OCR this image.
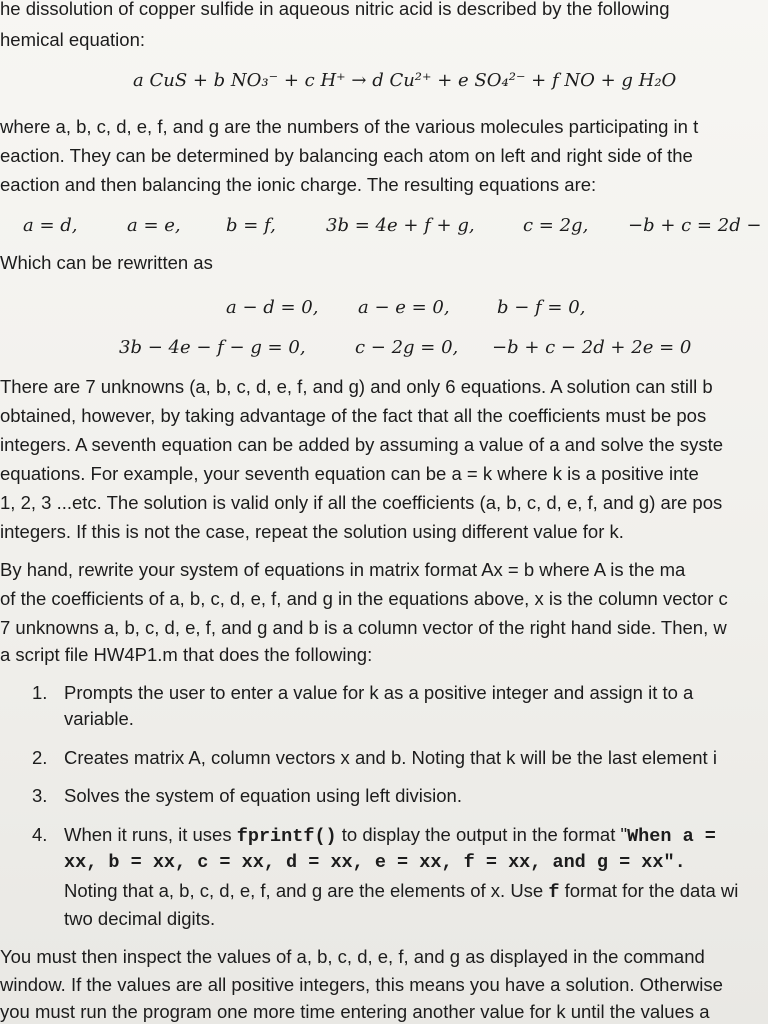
he dissolution of copper sulfide in aqueous nitric acid is described by the following
hemical equation:
a CuS + b NO₃⁻ + c H⁺ → d Cu²⁺ + e SO₄²⁻ + f NO + g H₂O
where a, b, c, d, e, f, and g are the numbers of the various molecules participating in t
eaction. They can be determined by balancing each atom on left and right side of the
eaction and then balancing the ionic charge. The resulting equations are:
a = d,	a = e,	b = f,	3b = 4e + f + g,	c = 2g, −b + c = 2d −
Which can be rewritten as
a − d = 0, a − e = 0,	b − f = 0,
3b − 4e − f − g = 0,	c − 2g = 0, −b + c − 2d + 2e = 0
There are 7 unknowns (a, b, c, d, e, f, and g) and only 6 equations. A solution can still b
obtained, however, by taking advantage of the fact that all the coefficients must be pos
integers. A seventh equation can be added by assuming a value of a and solve the syste
equations. For example, your seventh equation can be a = k where k is a positive inte
1, 2, 3 ...etc. The solution is valid only if all the coefficients (a, b, c, d, e, f, and g) are pos
integers. If this is not the case, repeat the solution using different value for k.
By hand, rewrite your system of equations in matrix format Ax = b where A is the ma
of the coefficients of a, b, c, d, e, f, and g in the equations above, x is the column vector c
7 unknowns a, b, c, d, e, f, and g and b is a column vector of the right hand side. Then, w
a script file HW4P1.m that does the following:
1. Prompts the user to enter a value for k as a positive integer and assign it to a
variable.
2. Creates matrix A, column vectors x and b. Noting that k will be the last element i
3. Solves the system of equation using left division.
4. When it runs, it uses fprintf() to display the output in the format "When a =
xx, b = xx, c = xx, d = xx, e = xx, f = xx, and g = xx".
Noting that a, b, c, d, e, f, and g are the elements of x. Use f format for the data wi
two decimal digits.
You must then inspect the values of a, b, c, d, e, f, and g as displayed in the command
window. If the values are all positive integers, this means you have a solution. Otherwise
you must run the program one more time entering another value for k until the values a
